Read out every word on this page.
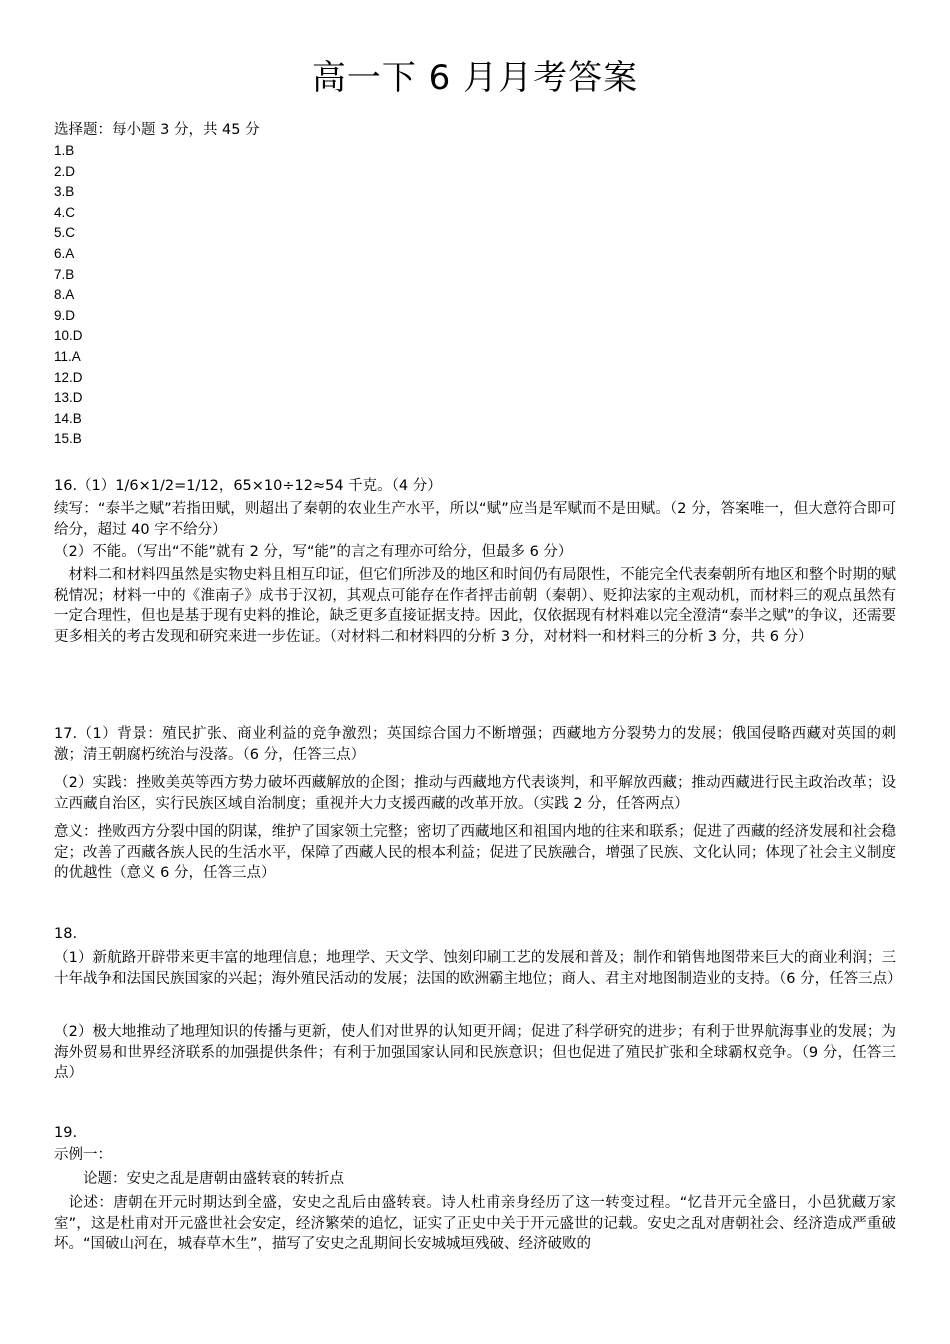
高一下 6 月月考答案

选择题：每小题 3 分，共 45 分

1.B
2.D
3.B
4.C
5.C
6.A
7.B
8.A
9.D
10.D
11.A
12.D
13.D
14.B
15.B

16.（1）1/6×1/2=1/12，65×10÷12≈54 千克。（4 分）

续写：“泰半之赋”若指田赋，则超出了秦朝的农业生产水平，所以“赋”应当是军赋而不是田赋。（2 分，答案唯一，但大意符合即可给分，超过 40 字不给分）

（2）不能。（写出“不能”就有 2 分，写“能”的言之有理亦可给分，但最多 6 分）

材料二和材料四虽然是实物史料且相互印证，但它们所涉及的地区和时间仍有局限性，不能完全代表秦朝所有地区和整个时期的赋税情况；材料一中的《淮南子》成书于汉初，其观点可能存在作者抨击前朝（秦朝）、贬抑法家的主观动机，而材料三的观点虽然有一定合理性，但也是基于现有史料的推论，缺乏更多直接证据支持。因此，仅依据现有材料难以完全澄清“泰半之赋”的争议，还需要更多相关的考古发现和研究来进一步佐证。（对材料二和材料四的分析 3 分，对材料一和材料三的分析 3 分，共 6 分）

17.（1）背景：殖民扩张、商业利益的竞争激烈；英国综合国力不断增强；西藏地方分裂势力的发展；俄国侵略西藏对英国的刺激；清王朝腐朽统治与没落。（6 分，任答三点）

（2）实践：挫败美英等西方势力破坏西藏解放的企图；推动与西藏地方代表谈判，和平解放西藏；推动西藏进行民主政治改革；设立西藏自治区，实行民族区域自治制度；重视并大力支援西藏的改革开放。（实践 2 分，任答两点）

意义：挫败西方分裂中国的阴谋，维护了国家领土完整；密切了西藏地区和祖国内地的往来和联系；促进了西藏的经济发展和社会稳定；改善了西藏各族人民的生活水平，保障了西藏人民的根本利益；促进了民族融合，增强了民族、文化认同；体现了社会主义制度的优越性（意义 6 分，任答三点）

18.

（1）新航路开辟带来更丰富的地理信息；地理学、天文学、蚀刻印刷工艺的发展和普及；制作和销售地图带来巨大的商业利润；三十年战争和法国民族国家的兴起；海外殖民活动的发展；法国的欧洲霸主地位；商人、君主对地图制造业的支持。（6 分，任答三点）

（2）极大地推动了地理知识的传播与更新，使人们对世界的认知更开阔；促进了科学研究的进步；有利于世界航海事业的发展；为海外贸易和世界经济联系的加强提供条件；有利于加强国家认同和民族意识；但也促进了殖民扩张和全球霸权竞争。（9 分，任答三点）

19.

示例一：

论题：安史之乱是唐朝由盛转衰的转折点

论述：唐朝在开元时期达到全盛，安史之乱后由盛转衰。诗人杜甫亲身经历了这一转变过程。“忆昔开元全盛日，小邑犹藏万家室”，这是杜甫对开元盛世社会安定，经济繁荣的追忆，证实了正史中关于开元盛世的记载。安史之乱对唐朝社会、经济造成严重破坏。“国破山河在，城春草木生”，描写了安史之乱期间长安城城垣残破、经济破败的
